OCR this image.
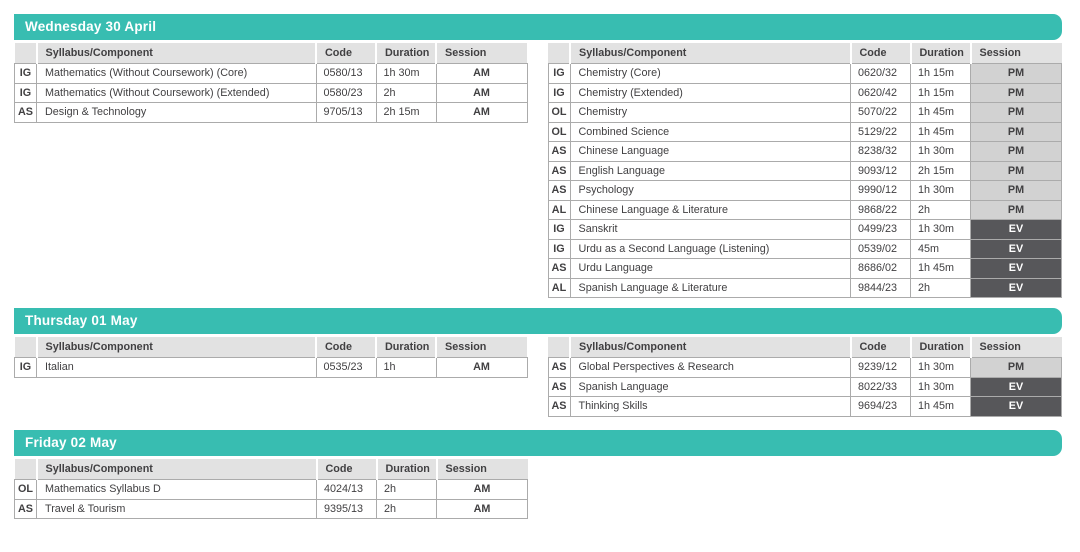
Wednesday 30 April
	Syllabus/Component	Code	Duration	Session
IG	Mathematics (Without Coursework) (Core)	0580/13	1h 30m	AM
IG	Mathematics (Without Coursework) (Extended)	0580/23	2h	AM
AS	Design & Technology	9705/13	2h 15m	AM
	Syllabus/Component	Code	Duration	Session
IG	Chemistry (Core)	0620/32	1h 15m	PM
IG	Chemistry (Extended)	0620/42	1h 15m	PM
OL	Chemistry	5070/22	1h 45m	PM
OL	Combined Science	5129/22	1h 45m	PM
AS	Chinese Language	8238/32	1h 30m	PM
AS	English Language	9093/12	2h 15m	PM
AS	Psychology	9990/12	1h 30m	PM
AL	Chinese Language & Literature	9868/22	2h	PM
IG	Sanskrit	0499/23	1h 30m	EV
IG	Urdu as a Second Language (Listening)	0539/02	45m	EV
AS	Urdu Language	8686/02	1h 45m	EV
AL	Spanish Language & Literature	9844/23	2h	EV
Thursday 01 May
	Syllabus/Component	Code	Duration	Session
IG	Italian	0535/23	1h	AM
	Syllabus/Component	Code	Duration	Session
AS	Global Perspectives & Research	9239/12	1h 30m	PM
AS	Spanish Language	8022/33	1h 30m	EV
AS	Thinking Skills	9694/23	1h 45m	EV
Friday 02 May
	Syllabus/Component	Code	Duration	Session
OL	Mathematics Syllabus D	4024/13	2h	AM
AS	Travel & Tourism	9395/13	2h	AM
